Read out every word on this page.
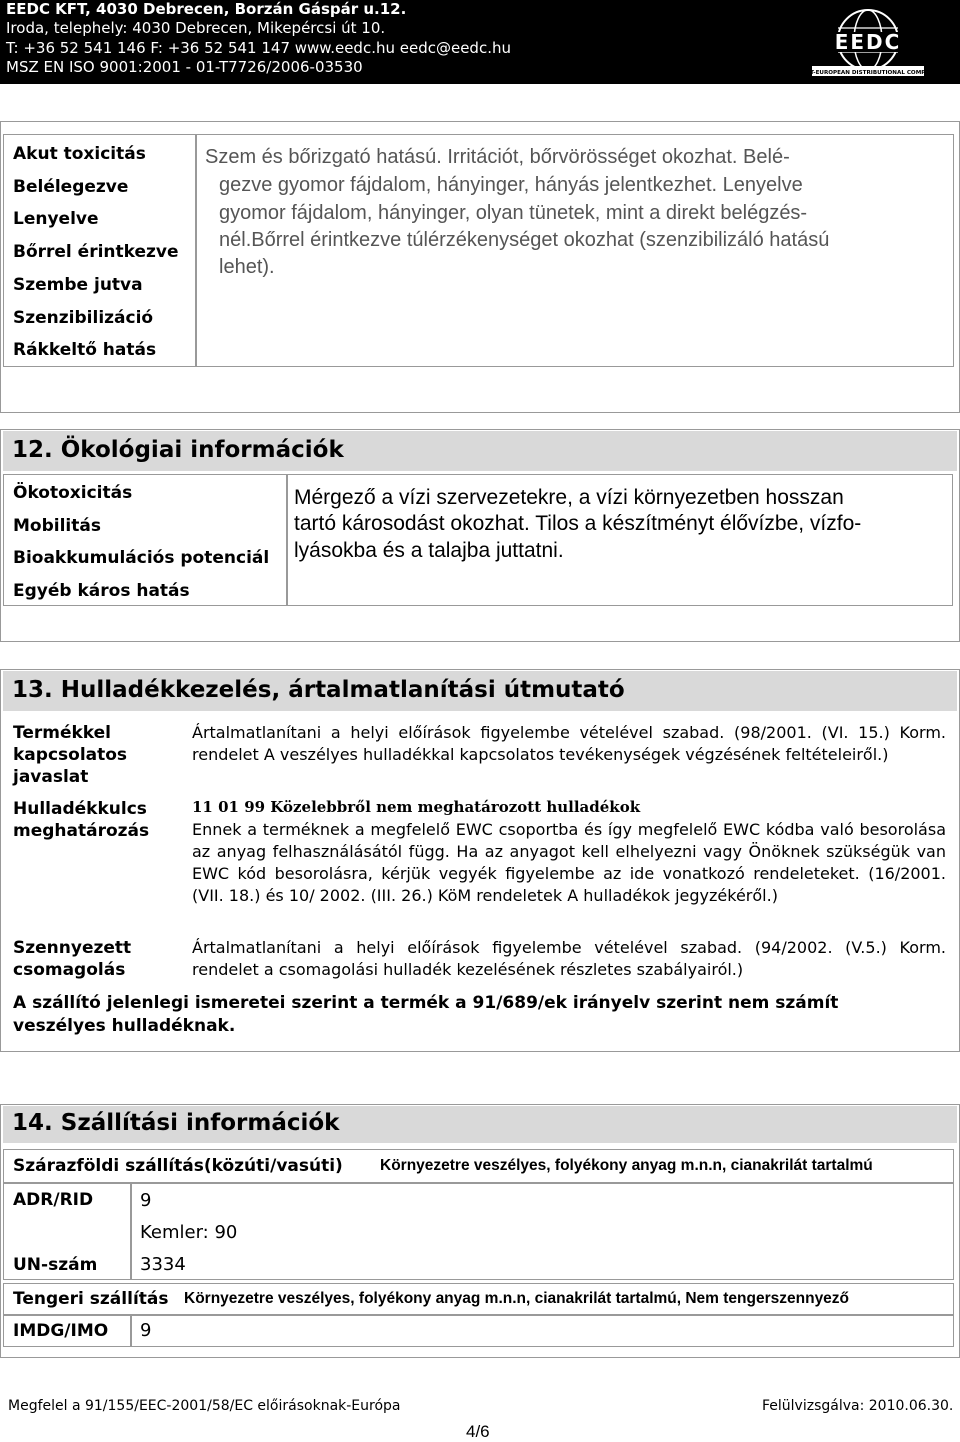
EEDC KFT, 4030 Debrecen, Borzán Gáspár u.12.
Iroda, telephely: 4030 Debrecen, Mikepércsi út 10.
T: +36 52 541 146 F: +36 52 541 147 www.eedc.hu eedc@eedc.hu
MSZ EN ISO 9001:2001 - 01-T7726/2006-03530
EEDC
EAST-EUROPEAN DISTRIBUTIONAL COMPANY
Akut toxicitás
Belélegezve
Lenyelve
Bőrrel érintkezve
Szembe jutva
Szenzibilizáció
Rákkeltő hatás
Szem és bőrizgató hatású. Irritációt, bőrvörösséget okozhat. Belé-
gezve gyomor fájdalom, hányinger, hányás jelentkezhet. Lenyelve
gyomor fájdalom, hányinger, olyan tünetek, mint a direkt belégzés-
nél.Bőrrel érintkezve túlérzékenységet okozhat (szenzibilizáló hatású
lehet).
12. Ökológiai információk
Ökotoxicitás
Mobilitás
Bioakkumulációs potenciál
Egyéb káros hatás
Mérgező a vízi szervezetekre, a vízi környezetben hosszan
tartó károsodást okozhat. Tilos a készítményt élővízbe, vízfo-
lyásokba és a talajba juttatni.
13. Hulladékkezelés, ártalmatlanítási útmutató
Termékkel
kapcsolatos
javaslat
Ártalmatlanítani a helyi előírások figyelembe vételével szabad. (98/2001. (VI. 15.) Korm. rendelet A veszélyes hulladékkal kapcsolatos tevékenységek végzésének feltételeiről.)
Hulladékkulcs
meghatározás
11 01 99 Közelebbről nem meghatározott hulladékok
Ennek a terméknek a megfelelő EWC csoportba és így megfelelő EWC kódba való besorolása az anyag felhasználásától függ. Ha az anyagot kell elhelyezni vagy Önöknek szükségük van EWC kód besorolásra, kérjük vegyék figyelembe az ide vonatkozó rendeleteket. (16/2001. (VII. 18.) és 10/ 2002. (III. 26.) KöM rendeletek A hulladékok jegyzékéről.)
Szennyezett
csomagolás
Ártalmatlanítani a helyi előírások figyelembe vételével szabad. (94/2002. (V.5.) Korm. rendelet a csomagolási hulladék kezelésének részletes szabályairól.)
A szállító jelenlegi ismeretei szerint a termék a 91/689/ek irányelv szerint nem számít
veszélyes hulladéknak.
14. Szállítási információk
Szárazföldi szállítás(közúti/vasúti) Környezetre veszélyes, folyékony anyag m.n.n, cianakrilát tartalmú
ADR/RID
UN-szám
9
Kemler: 90
3334
Tengeri szállítás Környezetre veszélyes, folyékony anyag m.n.n, cianakrilát tartalmú, Nem tengerszennyező
IMDG/IMO 9
Megfelel a 91/155/EEC-2001/58/EC előirásoknak-Európa	Felülvizsgálva: 2010.06.30.
4/6
